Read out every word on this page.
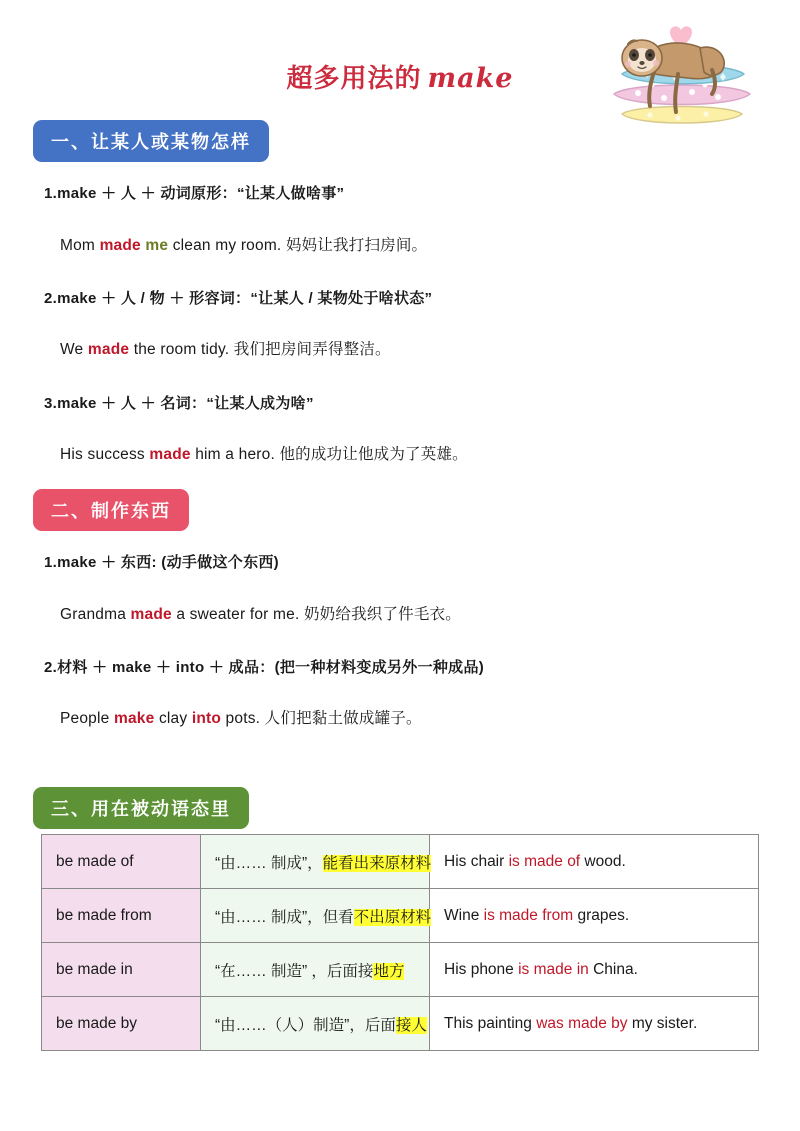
超多用法的 make
一、让某人或某物怎样
1.make ＋ 人 ＋ 动词原形：“让某人做啥事”
Mom made me clean my room. 妈妈让我打扫房间。
2.make ＋ 人 / 物 ＋ 形容词：“让某人 / 某物处于啥状态”
We made the room tidy. 我们把房间弄得整洁。
3.make ＋ 人 ＋ 名词：“让某人成为啥”
His success made him a hero. 他的成功让他成为了英雄。
二、制作东西
1.make ＋ 东西: (动手做这个东西)
Grandma made a sweater for me. 奶奶给我织了件毛衣。
2.材料 ＋ make ＋ into ＋ 成品：(把一种材料变成另外一种成品)
People make clay into pots. 人们把黏土做成罐子。
三、用在被动语态里
be made of	“由…… 制成”，能看出来原材料	His chair is made of wood.
be made from	“由…… 制成”，但看不出原材料	Wine is made from grapes.
be made in	“在…… 制造” ，后面接地方	His phone is made in China.
be made by	“由……（人）制造”，后面接人	This painting was made by my sister.
